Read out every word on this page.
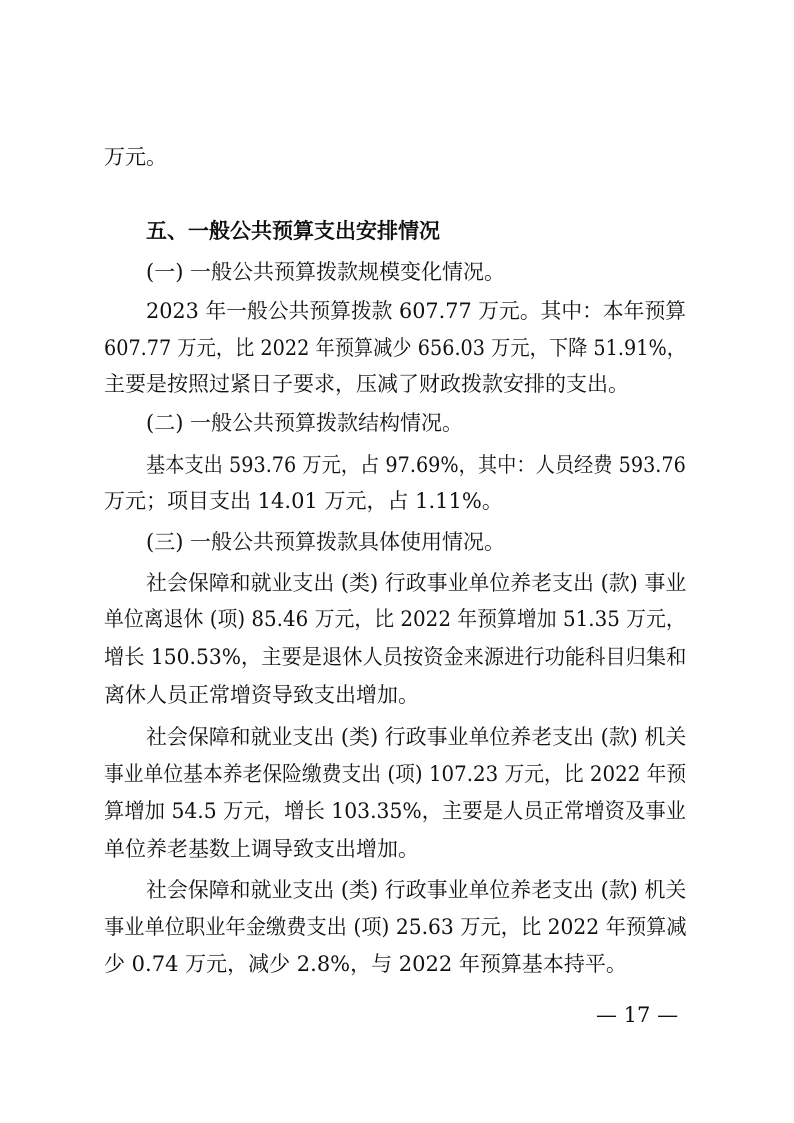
万元。
五、一般公共预算支出安排情况
(一) 一般公共预算拨款规模变化情况。
2023 年一般公共预算拨款 607.77 万元。其中：本年预算
607.77 万元，比 2022 年预算减少 656.03 万元，下降 51.91%，
主要是按照过紧日子要求，压减了财政拨款安排的支出。
(二) 一般公共预算拨款结构情况。
基本支出 593.76 万元，占 97.69%，其中：人员经费 593.76
万元；项目支出 14.01 万元，占 1.11%。
(三) 一般公共预算拨款具体使用情况。
社会保障和就业支出 (类) 行政事业单位养老支出 (款) 事业
单位离退休 (项) 85.46 万元，比 2022 年预算增加 51.35 万元，
增长 150.53%，主要是退休人员按资金来源进行功能科目归集和
离休人员正常增资导致支出增加。
社会保障和就业支出 (类) 行政事业单位养老支出 (款) 机关
事业单位基本养老保险缴费支出 (项) 107.23 万元，比 2022 年预
算增加 54.5 万元，增长 103.35%，主要是人员正常增资及事业
单位养老基数上调导致支出增加。
社会保障和就业支出 (类) 行政事业单位养老支出 (款) 机关
事业单位职业年金缴费支出 (项) 25.63 万元，比 2022 年预算减
少 0.74 万元，减少 2.8%，与 2022 年预算基本持平。
— 17 —
